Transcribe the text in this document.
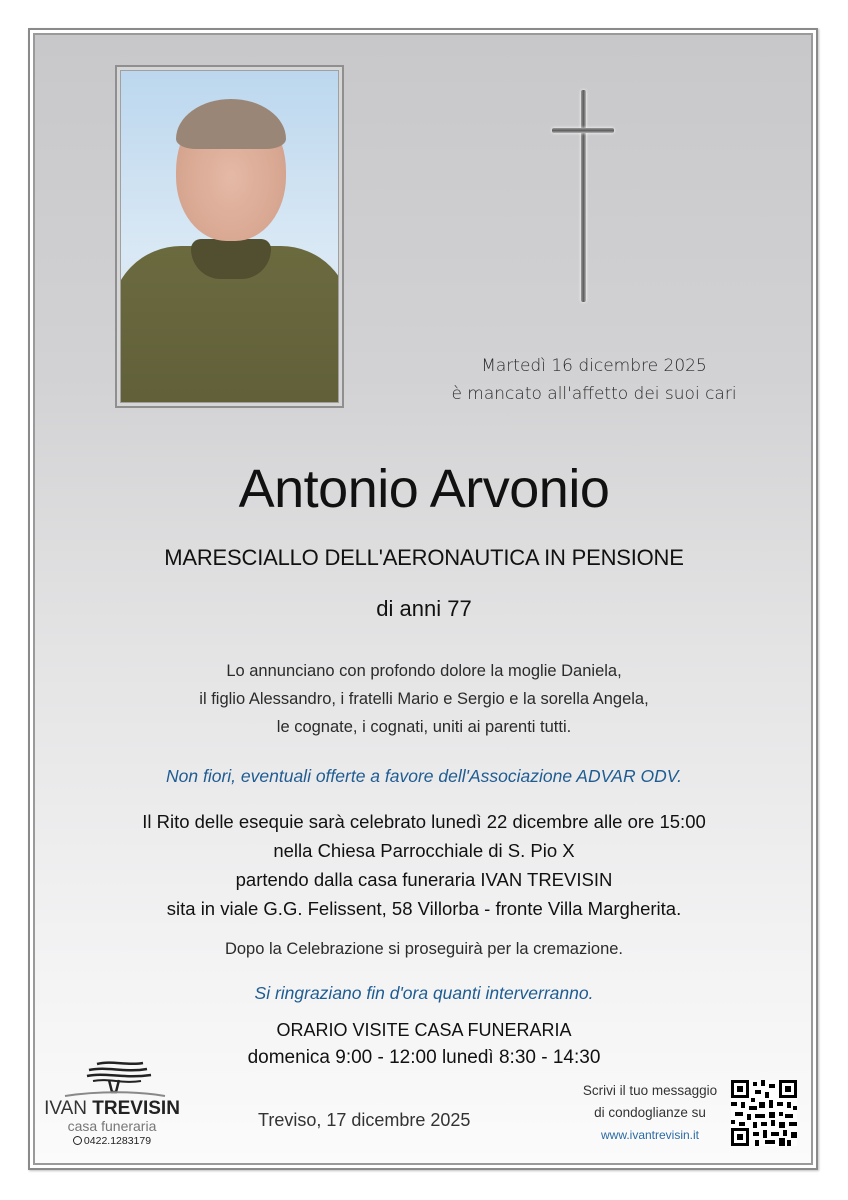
Martedì 16 dicembre 2025
è mancato all'affetto dei suoi cari
Antonio Arvonio
MARESCIALLO DELL'AERONAUTICA IN PENSIONE
di anni 77
Lo annunciano con profondo dolore la moglie Daniela,
il figlio Alessandro, i fratelli Mario e Sergio e la sorella Angela,
le cognate, i cognati, uniti ai parenti tutti.
Non fiori, eventuali offerte a favore dell'Associazione ADVAR ODV.
Il Rito delle esequie sarà celebrato lunedì 22 dicembre alle ore 15:00
nella Chiesa Parrocchiale di S. Pio X
partendo dalla casa funeraria IVAN TREVISIN
sita in viale G.G. Felissent, 58 Villorba - fronte Villa Margherita.
Dopo la Celebrazione si proseguirà per la cremazione.
Si ringraziano fin d'ora quanti interverranno.
ORARIO VISITE CASA FUNERARIA
domenica 9:00 - 12:00 lunedì 8:30 - 14:30
IVAN TREVISIN
casa funeraria
0422.1283179
Treviso, 17 dicembre 2025
Scrivi il tuo messaggio
di condoglianze su
www.ivantrevisin.it
